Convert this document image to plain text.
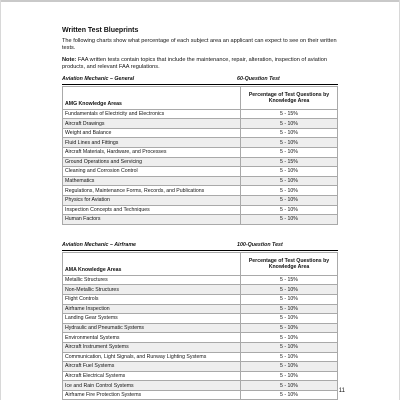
Written Test Blueprints

The following charts show what percentage of each subject area an applicant can expect to see on their written tests.

Note: FAA written tests contain topics that include the maintenance, repair, alteration, inspection of aviation products, and relevant FAA regulations.

Aviation Mechanic – General	60-Question Test
AMG Knowledge Areas	Percentage of Test Questions by Knowledge Area
Fundamentals of Electricity and Electronics	5 - 15%
Aircraft Drawings	5 - 10%
Weight and Balance	5 - 10%
Fluid Lines and Fittings	5 - 10%
Aircraft Materials, Hardware, and Processes	5 - 10%
Ground Operations and Servicing	5 - 15%
Cleaning and Corrosion Control	5 - 10%
Mathematics	5 - 10%
Regulations, Maintenance Forms, Records, and Publications	5 - 10%
Physics for Aviation	5 - 10%
Inspection Concepts and Techniques	5 - 10%
Human Factors	5 - 10%
Aviation Mechanic – Airframe	100-Question Test
AMA Knowledge Areas	Percentage of Test Questions by Knowledge Area
Metallic Structures	5 - 15%
Non-Metallic Structures	5 - 10%
Flight Controls	5 - 10%
Airframe Inspection	5 - 10%
Landing Gear Systems	5 - 10%
Hydraulic and Pneumatic Systems	5 - 10%
Environmental Systems	5 - 10%
Aircraft Instrument Systems	5 - 10%
Communication, Light Signals, and Runway Lighting Systems	5 - 10%
Aircraft Fuel Systems	5 - 10%
Aircraft Electrical Systems	5 - 10%
Ice and Rain Control Systems	5 - 10%
Airframe Fire Protection Systems	5 - 10%
11
